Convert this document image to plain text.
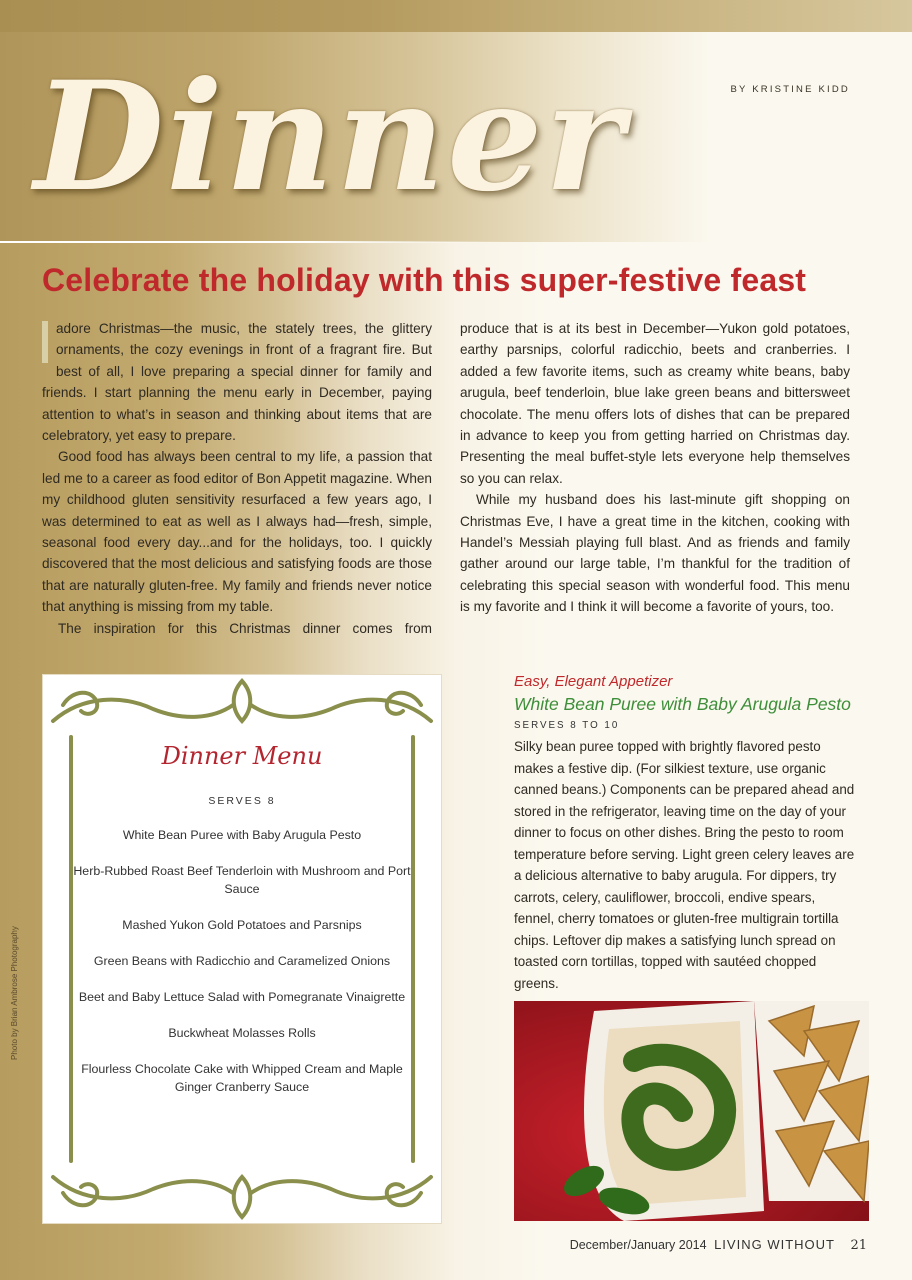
BY KRISTINE KIDD
Dinner
Celebrate the holiday with this super-festive feast

adore Christmas—the music, the stately trees, the glittery ornaments, the cozy evenings in front of a fragrant fire. But best of all, I love preparing a special dinner for family and friends. I start planning the menu early in December, paying attention to what’s in season and thinking about items that are celebratory, yet easy to prepare.

Good food has always been central to my life, a passion that led me to a career as food editor of Bon Appetit magazine. When my childhood gluten sensitivity resurfaced a few years ago, I was determined to eat as well as I always had—fresh, simple, seasonal food every day...and for the holidays, too. I quickly discovered that the most delicious and satisfying foods are those that are naturally gluten-free. My family and friends never notice that anything is missing from my table.

The inspiration for this Christmas dinner comes from

produce that is at its best in December—Yukon gold potatoes, earthy parsnips, colorful radicchio, beets and cranberries. I added a few favorite items, such as creamy white beans, baby arugula, beef tenderloin, blue lake green beans and bittersweet chocolate. The menu offers lots of dishes that can be prepared in advance to keep you from getting harried on Christmas day. Presenting the meal buffet-style lets everyone help themselves so you can relax.

While my husband does his last-minute gift shopping on Christmas Eve, I have a great time in the kitchen, cooking with Handel’s Messiah playing full blast. And as friends and family gather around our large table, I’m thankful for the tradition of celebrating this special season with wonderful food. This menu is my favorite and I think it will become a favorite of yours, too.

Photo by Brian Ambrose Photography
Dinner Menu
SERVES 8
White Bean Puree with Baby Arugula Pesto
Herb-Rubbed Roast Beef Tenderloin with Mushroom and Port Sauce
Mashed Yukon Gold Potatoes and Parsnips
Green Beans with Radicchio and Caramelized Onions
Beet and Baby Lettuce Salad with Pomegranate Vinaigrette
Buckwheat Molasses Rolls
Flourless Chocolate Cake with Whipped Cream and Maple Ginger Cranberry Sauce
Easy, Elegant Appetizer
White Bean Puree with Baby Arugula Pesto
SERVES 8 TO 10
Silky bean puree topped with brightly flavored pesto makes a festive dip. (For silkiest texture, use organic canned beans.) Components can be prepared ahead and stored in the refrigerator, leaving time on the day of your dinner to focus on other dishes. Bring the pesto to room temperature before serving. Light green celery leaves are a delicious alternative to baby arugula. For dippers, try carrots, celery, cauliflower, broccoli, endive spears, fennel, cherry tomatoes or gluten-free multigrain tortilla chips. Leftover dip makes a satisfying lunch spread on toasted corn tortillas, topped with sautéed chopped greens.
December/January 2014 LIVING WITHOUT 21
